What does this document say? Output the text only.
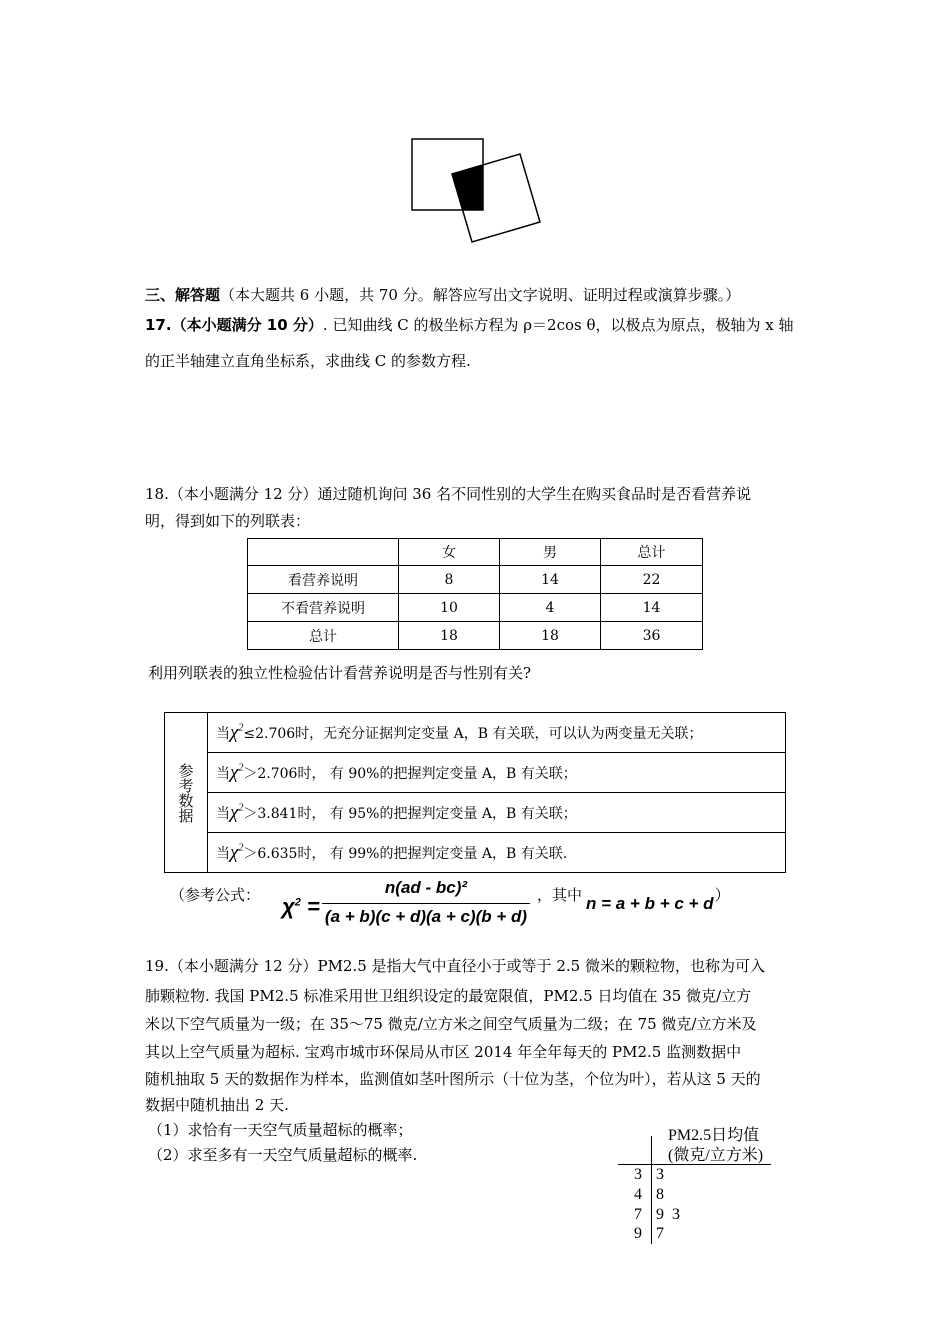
三、解答题（本大题共 6 小题，共 70 分。解答应写出文字说明、证明过程或演算步骤。）
17.（本小题满分 10 分）. 已知曲线 C 的极坐标方程为 ρ＝2cos θ，以极点为原点，极轴为 x 轴
的正半轴建立直角坐标系，求曲线 C 的参数方程.
18.（本小题满分 12 分）通过随机询问 36 名不同性别的大学生在购买食品时是否看营养说
明，得到如下的列联表：
	女	男	总计
看营养说明	8	14	22
不看营养说明	10	4	14
总计	18	18	36
利用列联表的独立性检验估计看营养说明是否与性别有关?
参考数据
	当$\chi^2\le 2.706$时，无充分证据判定变量 A，B 有关联，可以认为两变量无关联；
当$\chi^2>2.706$时， 有 90%的把握判定变量 A，B 有关联；
当$\chi^2>3.841$时， 有 95%的把握判定变量 A，B 有关联；
当$\chi^2>6.635$时， 有 99%的把握判定变量 A，B 有关联.
（参考公式： $\chi^2$ =
n(ad - bc)²
(a + b)(c + d)(a + c)(b + d)
，其中 n = a + b + c + d
.）
19.（本小题满分 12 分）PM2.5 是指大气中直径小于或等于 2.5 微米的颗粒物，也称为可入
肺颗粒物. 我国 PM2.5 标准采用世卫组织设定的最宽限值，PM2.5 日均值在 35 微克/立方
米以下空气质量为一级；在 35～75 微克/立方米之间空气质量为二级；在 75 微克/立方米及
其以上空气质量为超标. 宝鸡市城市环保局从市区 2014 年全年每天的 PM2.5 监测数据中
随机抽取 5 天的数据作为样本，监测值如茎叶图所示（十位为茎，个位为叶），若从这 5 天的
数据中随机抽出 2 天.
（1）求恰有一天空气质量超标的概率；
（2）求至多有一天空气质量超标的概率.
PM2.5日均值
(微克/立方米)
3 3
4 8
7 9  3
9 7
